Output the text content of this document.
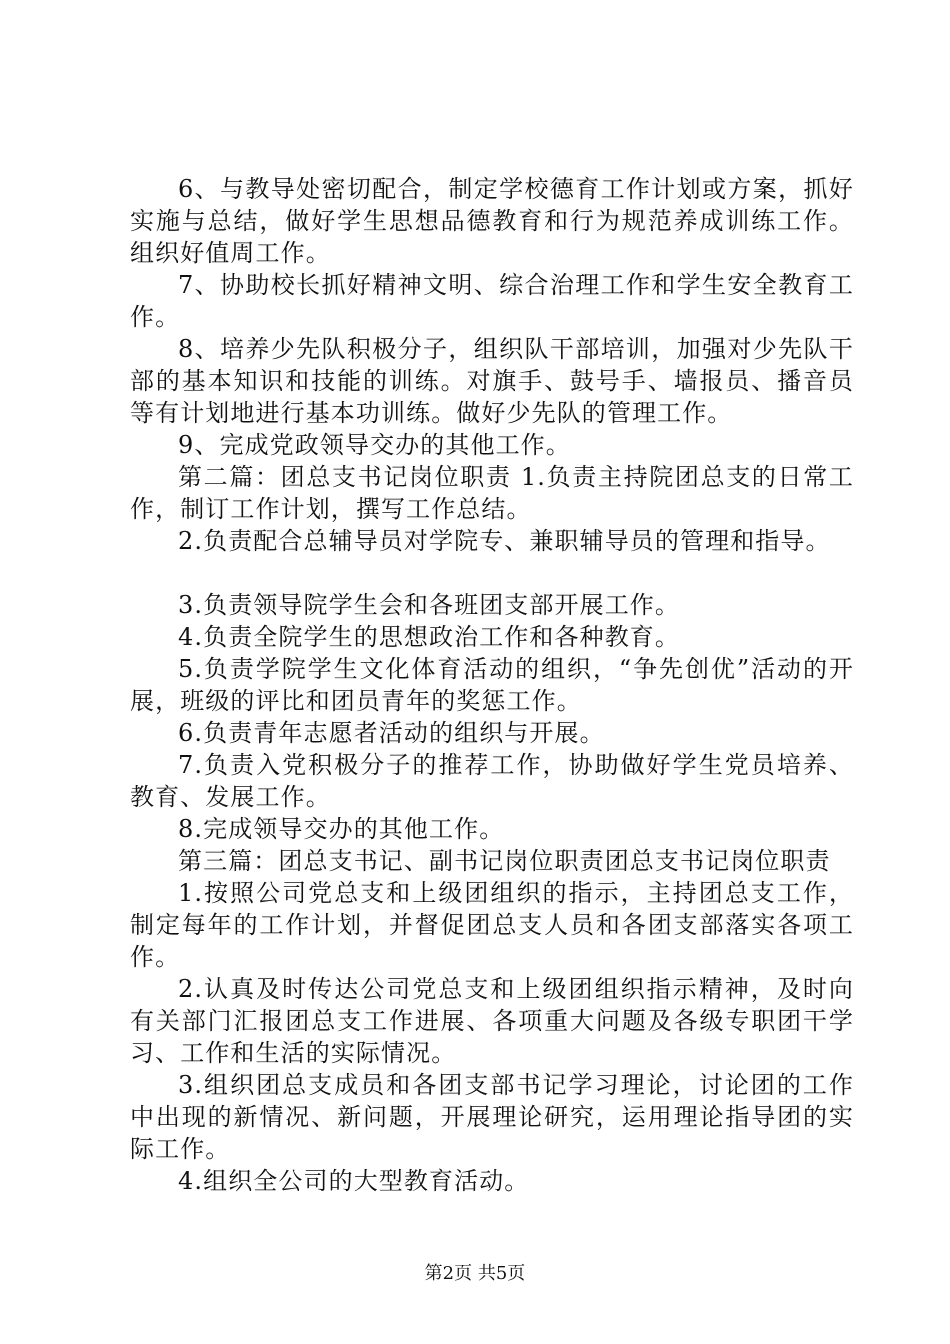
6、与教导处密切配合，制定学校德育工作计划或方案，抓好实施与总结，做好学生思想品德教育和行为规范养成训练工作。组织好值周工作。

7、协助校长抓好精神文明、综合治理工作和学生安全教育工作。

8、培养少先队积极分子，组织队干部培训，加强对少先队干部的基本知识和技能的训练。对旗手、鼓号手、墙报员、播音员等有计划地进行基本功训练。做好少先队的管理工作。

9、完成党政领导交办的其他工作。

第二篇：团总支书记岗位职责 1.负责主持院团总支的日常工作，制订工作计划，撰写工作总结。

2.负责配合总辅导员对学院专、兼职辅导员的管理和指导。

3.负责领导院学生会和各班团支部开展工作。

4.负责全院学生的思想政治工作和各种教育。

5.负责学院学生文化体育活动的组织，“争先创优”活动的开展，班级的评比和团员青年的奖惩工作。

6.负责青年志愿者活动的组织与开展。

7.负责入党积极分子的推荐工作，协助做好学生党员培养、教育、发展工作。

8.完成领导交办的其他工作。

第三篇：团总支书记、副书记岗位职责团总支书记岗位职责

1.按照公司党总支和上级团组织的指示，主持团总支工作，制定每年的工作计划，并督促团总支人员和各团支部落实各项工作。

2.认真及时传达公司党总支和上级团组织指示精神，及时向有关部门汇报团总支工作进展、各项重大问题及各级专职团干学习、工作和生活的实际情况。

3.组织团总支成员和各团支部书记学习理论，讨论团的工作中出现的新情况、新问题，开展理论研究，运用理论指导团的实际工作。

4.组织全公司的大型教育活动。

第2页 共5页
